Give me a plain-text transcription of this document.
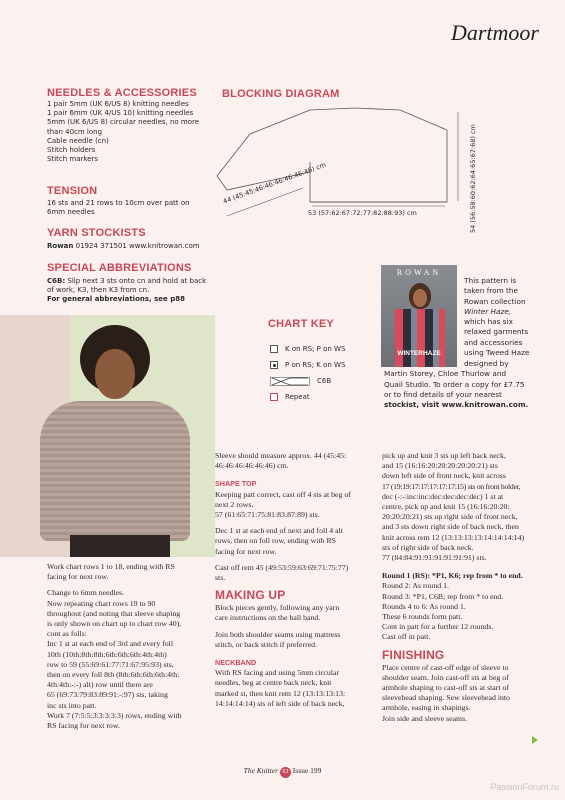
Dartmoor
NEEDLES & ACCESSORIES
1 pair 5mm (UK 6/US 8) knitting needles
1 pair 6mm (UK 4/US 10) knitting needles
5mm (UK 6/US 8) circular needles, no more
than 40cm long
Cable needle (cn)
Stitch holders
Stitch markers
TENSION
16 sts and 21 rows to 10cm over patt on
6mm needles
YARN STOCKISTS
Rowan 01924 371501 www.knitrowan.com
SPECIAL ABBREVIATIONS
C6B: Slip next 3 sts onto cn and hold at back
of work, K3, then K3 from cn.
For general abbreviations, see p88
BLOCKING DIAGRAM
44 (45:45:46:46:46:46:46:46) cm
53 (57:62:67:72:77:82:88:93) cm	54 (56:58:60:62:64:65:67:68) cm
CHART KEY
K on RS; P on WS
P on RS; K on WS
C6B
Repeat
ROWAN
WINTERHAZE
This pattern is
taken from the
Rowan collection
Winter Haze,
which has six
relaxed garments
and accessories
using Tweed Haze
designed by
Martin Storey, Chloe Thurlow and
Quail Studio. To order a copy for £7.75
or to find details of your nearest
stockist, visit www.knitrowan.com.
Work chart rows 1 to 18, ending with RS
facing for next row.
Change to 6mm needles.
Now repeating chart rows 19 to 90
throughout (and noting that sleeve shaping
is only shown on chart up to chart row 40),
cont as folls:
Inc 1 st at each end of 3rd and every foll
10th (10th:8th:8th:6th:6th:6th:4th:4th)
row to 59 (55:69:61:77:71:67:95:93) sts,
then on every foll 8th (8th:6th:6th:6th:4th:
4th:4th:-:-) alt) row until there are
65 (69:73:79:83:89:91:-:97) sts, taking
inc sts into patt.
Work 7 (7:5:5:3:3:3:3:3) rows, ending with
RS facing for next row.
Sleeve should measure approx. 44 (45:45:
46:46:46:46:46:46) cm.
SHAPE TOP
Keeping patt correct, cast off 4 sts at beg of
next 2 rows.
57 (61:65:71:75:81:83:87:89) sts.
Dec 1 st at each end of next and foll 4 alt
rows, then on foll row, ending with RS
facing for next row.
Cast off rem 45 (49:53:59:63:69:71:75:77)
sts.
MAKING UP
Block pieces gently, following any yarn
care instructions on the ball band.
Join both shoulder seams using mattress
stitch, or back stitch if preferred.
NECKBAND
With RS facing and using 5mm circular
needles, beg at centre back neck, knit
marked st, then knit rem 12 (13:13:13:13:
14:14:14:14) sts of left side of back neck,
pick up and knit 3 sts up left back neck,
and 15 (16:16:20:20:20:20:20:21) sts
down left side of front neck, knit across
17 (19:19:17:17:17:17:17:15) sts on front holder,
dec (-:-:inc:inc:dec:dec:dec:dec) 1 st at
centre, pick up and knit 15 (16:16:20:20:
20:20:20:21) sts up right side of front neck,
and 3 sts down right side of back neck, then
knit across rem 12 (13:13:13:13:14:14:14:14)
sts of right side of back neck.
77 (84:84:91:91:91:91:91:91) sts.
Round 1 (RS): *P1, K6; rep from * to end.
Round 2: As round 1.
Round 3: *P1, C6B; rep from * to end.
Rounds 4 to 6: As round 1.
These 6 rounds form patt.
Cont in patt for a further 12 rounds.
Cast off in patt.
FINISHING
Place centre of cast-off edge of sleeve to
shoulder seam. Join cast-off sts at beg of
armhole shaping to cast-off sts at start of
sleevehead shaping. Sew sleevehead into
armhole, easing in shapings.
Join side and sleeve seams.
The Knitter 63 Issue 199
PassionForum.ru
